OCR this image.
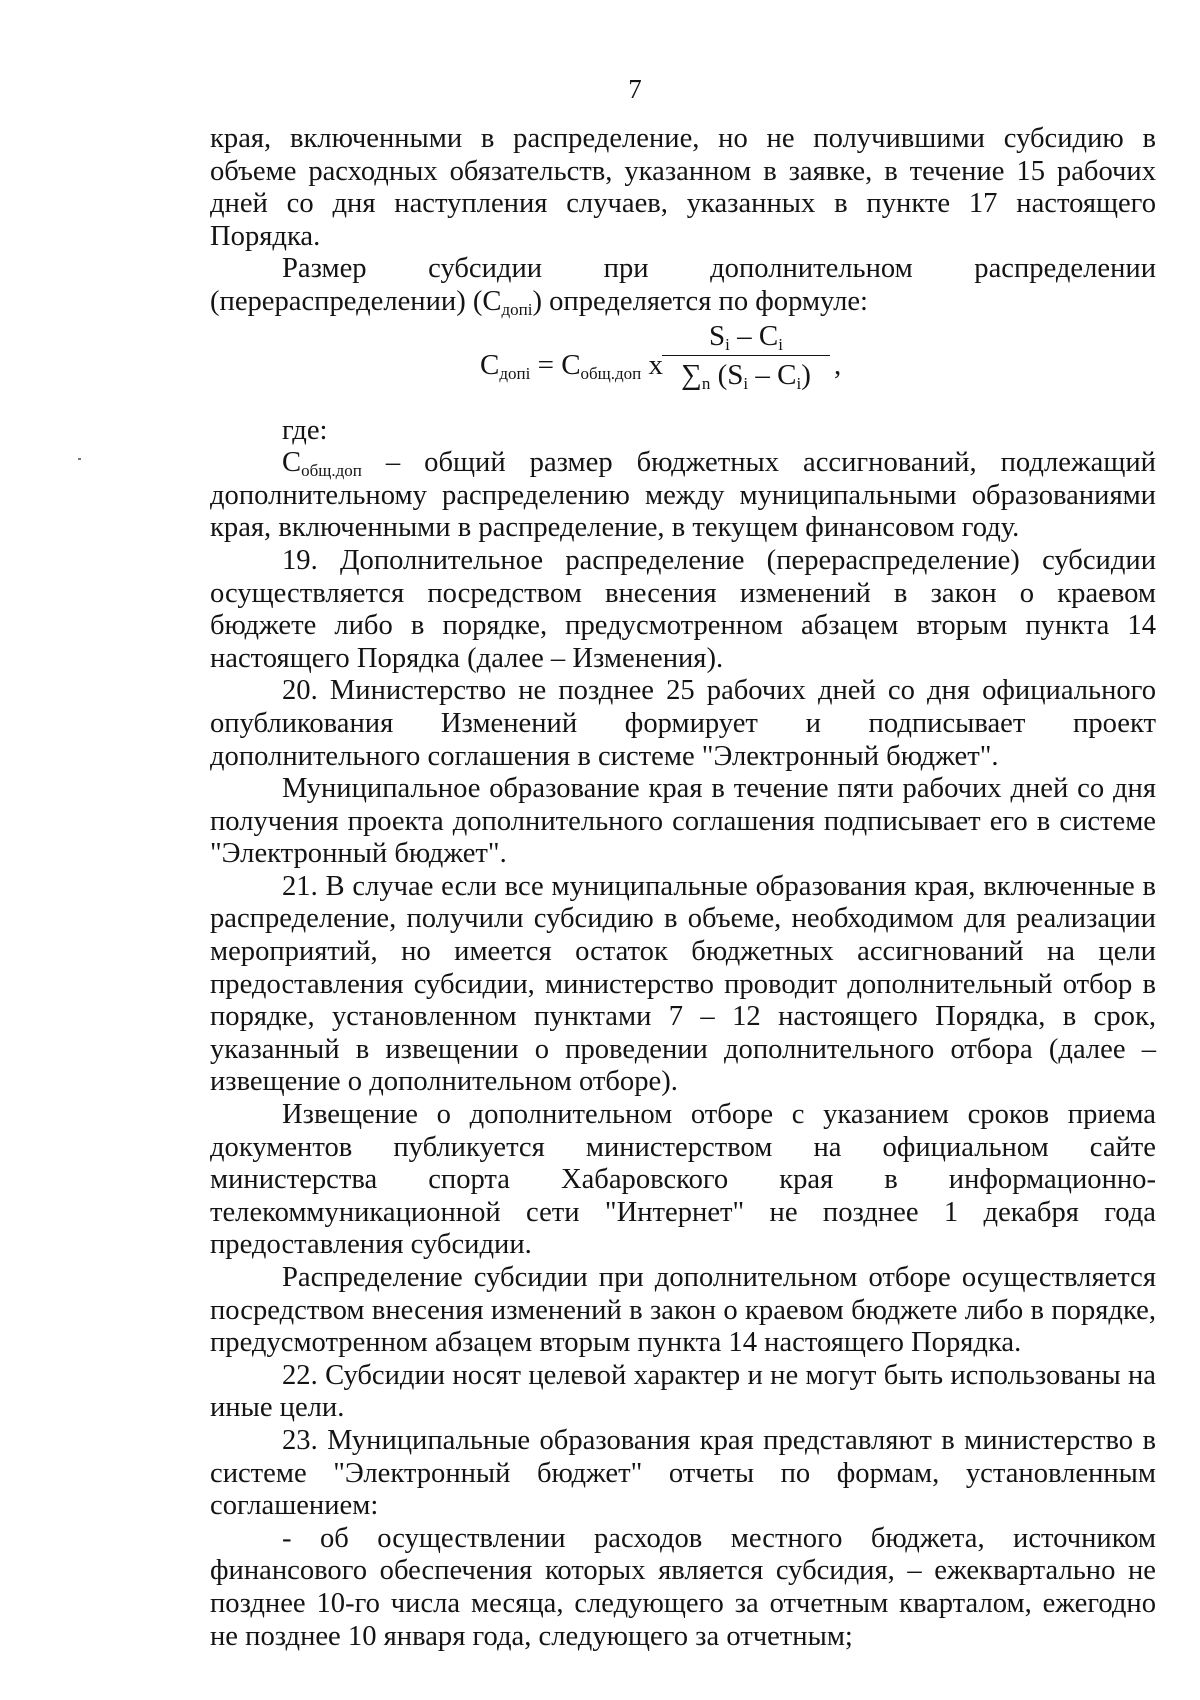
7

края, включенными в распределение, но не получившими субсидию в объеме расходных обязательств, указанном в заявке, в течение 15 рабочих дней со дня наступления случаев, указанных в пункте 17 настоящего Порядка.

Размер субсидии при дополнительном распределении (перераспределении) $(С_{допi})$ определяется по формуле:

$С_{допi} = С_{общ.доп}$ х
$S_i - C_i$
$\sum_n$ $(S_i - C_i)$ ,

где:

$С_{общ.доп}$ – общий размер бюджетных ассигнований, подлежащий дополнительному распределению между муниципальными образованиями края, включенными в распределение, в текущем финансовом году.

19. Дополнительное распределение (перераспределение) субсидии осуществляется посредством внесения изменений в закон о краевом бюджете либо в порядке, предусмотренном абзацем вторым пункта 14 настоящего Порядка (далее – Изменения).

20. Министерство не позднее 25 рабочих дней со дня официального опубликования Изменений формирует и подписывает проект дополнительного соглашения в системе "Электронный бюджет".

Муниципальное образование края в течение пяти рабочих дней со дня получения проекта дополнительного соглашения подписывает его в системе "Электронный бюджет".

21. В случае если все муниципальные образования края, включенные в распределение, получили субсидию в объеме, необходимом для реализации мероприятий, но имеется остаток бюджетных ассигнований на цели предоставления субсидии, министерство проводит дополнительный отбор в порядке, установленном пунктами 7 – 12 настоящего Порядка, в срок, указанный в извещении о проведении дополнительного отбора (далее – извещение о дополнительном отборе).

Извещение о дополнительном отборе с указанием сроков приема документов публикуется министерством на официальном сайте министерства спорта Хабаровского края в информационно-телекоммуникационной сети "Интернет" не позднее 1 декабря года предоставления субсидии.

Распределение субсидии при дополнительном отборе осуществляется посредством внесения изменений в закон о краевом бюджете либо в порядке, предусмотренном абзацем вторым пункта 14 настоящего Порядка.

22. Субсидии носят целевой характер и не могут быть использованы на иные цели.

23. Муниципальные образования края представляют в министерство в системе "Электронный бюджет" отчеты по формам, установленным соглашением:

- об осуществлении расходов местного бюджета, источником финансового обеспечения которых является субсидия, – ежеквартально не позднее 10-го числа месяца, следующего за отчетным кварталом, ежегодно не позднее 10 января года, следующего за отчетным;
